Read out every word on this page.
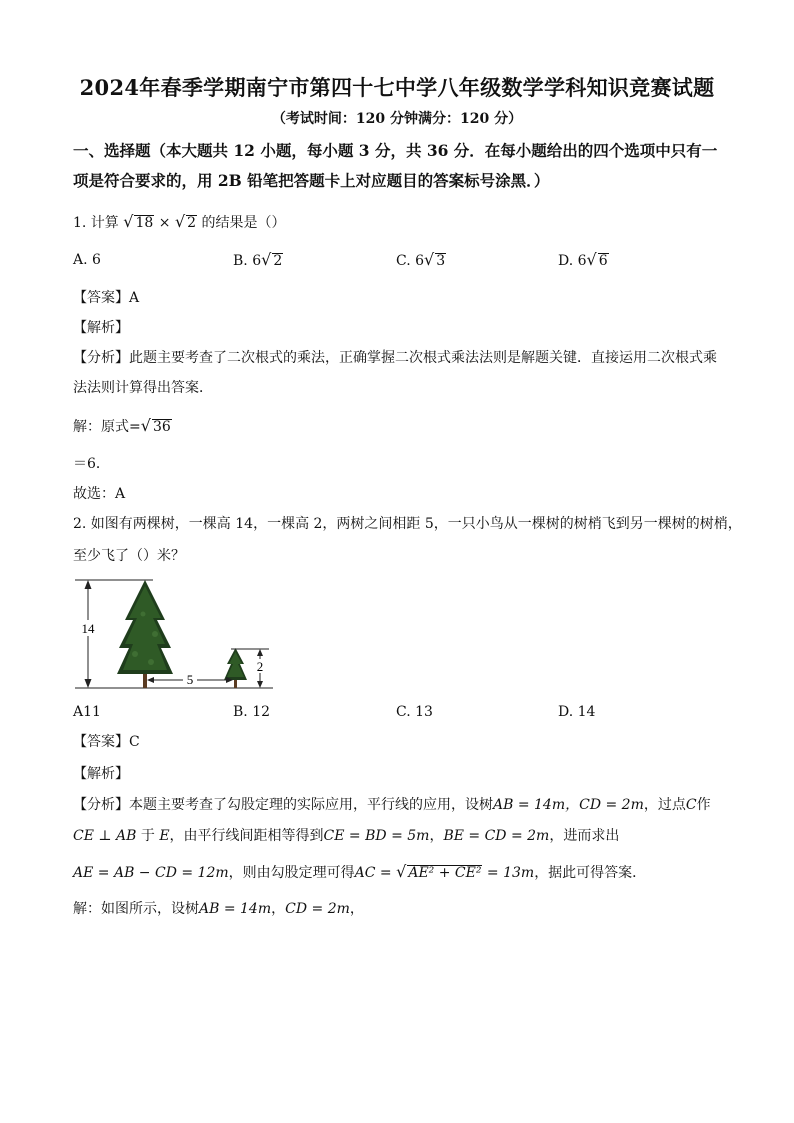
2024年春季学期南宁市第四十七中学八年级数学学科知识竞赛试题
（考试时间：120 分钟满分：120 分）
一、选择题（本大题共 12 小题，每小题 3 分，共 36 分．在每小题给出的四个选项中只有一
项是符合要求的，用 2B 铅笔把答题卡上对应题目的答案标号涂黑．）
1. 计算 √ 18 × √ 2 的结果是（）
A. 6	B. 6√ 2	C. 6√ 3	D. 6√ 6
【答案】A
【解析】
【分析】此题主要考查了二次根式的乘法，正确掌握二次根式乘法法则是解题关键．直接运用二次根式乘
法法则计算得出答案．
解：原式=√ 36
＝6．
故选：A
2. 如图有两棵树，一棵高 14，一棵高 2，两树之间相距 5，一只小鸟从一棵树的树梢飞到另一棵树的树梢，
至少飞了（）米？
14
2
5
A11	B. 12	C. 13	D. 14
【答案】C
【解析】
【分析】本题主要考查了勾股定理的实际应用，平行线的应用，设树AB = 14m，CD = 2m，过点C作
CE ⊥ AB 于 E，由平行线间距相等得到CE = BD = 5m，BE = CD = 2m，进而求出
AE = AB − CD = 12m，则由勾股定理可得AC = √ AE² + CE² = 13m，据此可得答案．
解：如图所示，设树AB = 14m，CD = 2m，
